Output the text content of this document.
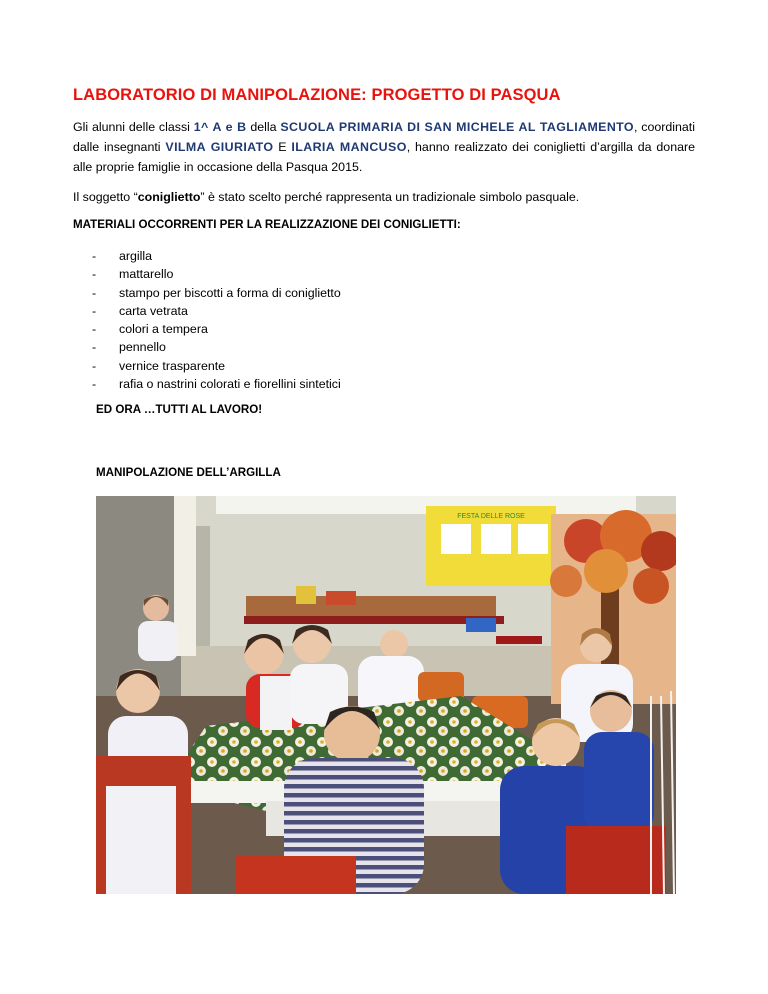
LABORATORIO DI MANIPOLAZIONE: PROGETTO DI PASQUA
Gli alunni delle classi 1^ A e B della SCUOLA PRIMARIA DI SAN MICHELE AL TAGLIAMENTO, coordinati dalle insegnanti VILMA GIURIATO E ILARIA MANCUSO, hanno realizzato dei coniglietti d’argilla da donare alle proprie famiglie in occasione della Pasqua 2015.
Il soggetto “coniglietto” è stato scelto perché rappresenta un tradizionale simbolo pasquale.
MATERIALI OCCORRENTI PER LA REALIZZAZIONE DEI CONIGLIETTI:
- argilla
- mattarello
- stampo per biscotti a forma di coniglietto
- carta vetrata
- colori a tempera
- pennello
- vernice trasparente
- rafia o nastrini colorati e fiorellini sintetici
ED ORA …TUTTI AL LAVORO!
MANIPOLAZIONE DELL’ARGILLA
FESTA DELLE ROSE
